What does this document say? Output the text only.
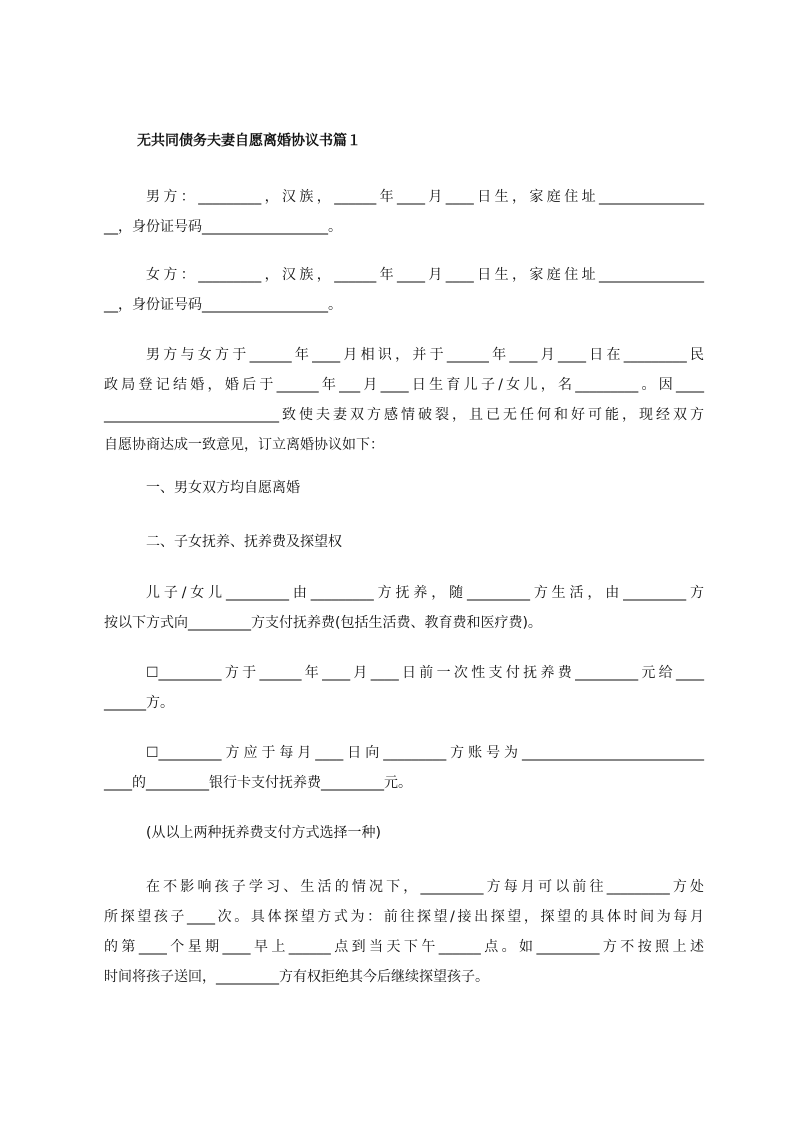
无共同债务夫妻自愿离婚协议书篇１
男方：_________，汉族，______年____月____日生，家庭住址_______________
__，身份证号码__________________。
女方：_________，汉族，______年____月____日生，家庭住址_______________
__，身份证号码__________________。
男方与女方于______年____月相识，并于______年____月____日在_________民
政局登记结婚，婚后于______年___月____日生育儿子/女儿，名_________。因____
_________________________致使夫妻双方感情破裂，且已无任何和好可能，现经双方
自愿协商达成一致意见，订立离婚协议如下：
一、男女双方均自愿离婚
二、子女抚养、抚养费及探望权
儿子/女儿_________由_________方抚养，随_________方生活，由_________方
按以下方式向_________方支付抚养费(包括生活费、教育费和医疗费)。
☐_________方于______年____月____日前一次性支付抚养费_________元给____
______方。
☐_________方应于每月____日向_________方账号为__________________________
____的_________银行卡支付抚养费_________元。
(从以上两种抚养费支付方式选择一种)
在不影响孩子学习、生活的情况下，_________方每月可以前往_________方处
所探望孩子____次。具体探望方式为：前往探望/接出探望，探望的具体时间为每月
的第____个星期____早上______点到当天下午______点。如_________方不按照上述
时间将孩子送回，_________方有权拒绝其今后继续探望孩子。
